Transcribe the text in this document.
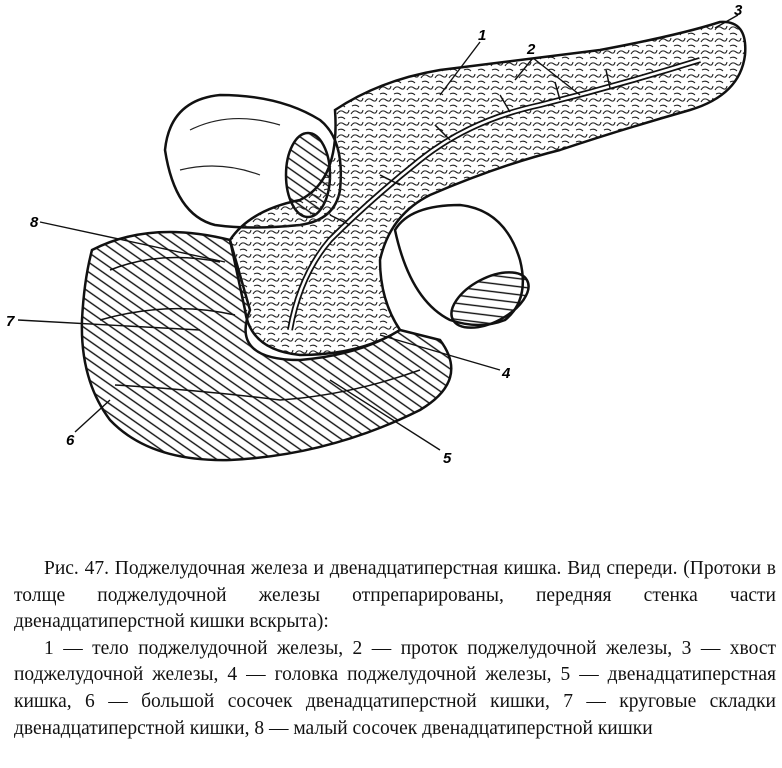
1
2
3
4
5
6
7
8

Рис. 47. Поджелудочная железа и двенадцатиперстная кишка. Вид спереди. (Протоки в толще поджелудочной железы отпрепарированы, передняя стенка части двенадцатиперстной кишки вскрыта):

1 — тело поджелудочной железы, 2 — проток поджелудочной железы, 3 — хвост поджелудочной железы, 4 — головка поджелудочной железы, 5 — двенадцатиперстная кишка, 6 — большой сосочек двенадцатиперстной кишки, 7 — круговые складки двенадцатиперстной кишки, 8 — малый сосочек двенадцатиперстной кишки
